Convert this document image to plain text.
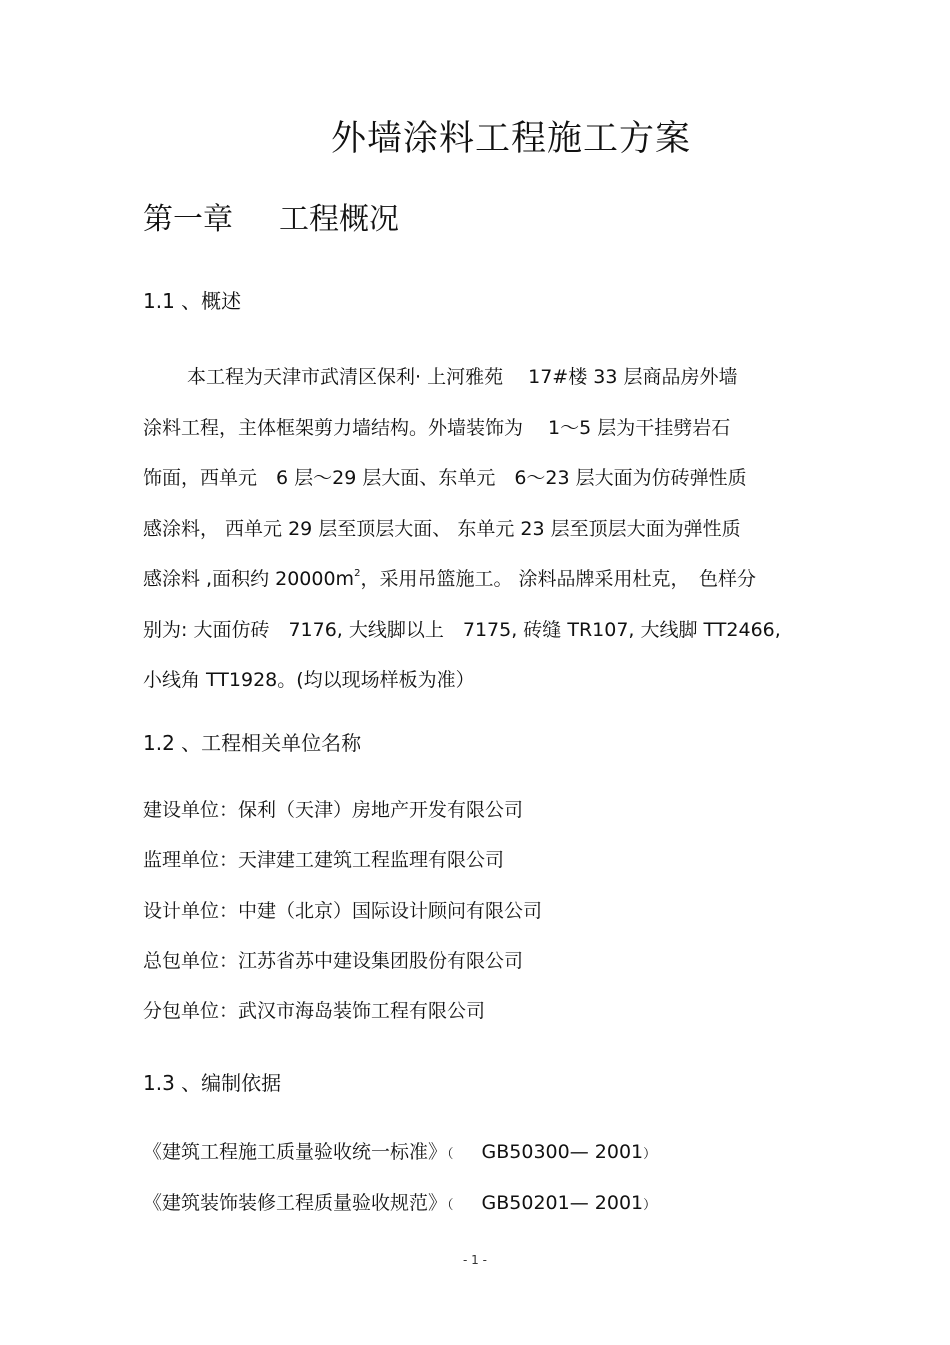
外墙涂料工程施工方案
第一章 工程概况
1.1 、概述
本工程为天津市武清区保利· 上河雅苑　 17#楼 33 层商品房外墙
涂料工程，主体框架剪力墙结构。外墙装饰为　 1～5 层为干挂劈岩石
饰面，西单元　6 层～29 层大面、东单元　6～23 层大面为仿砖弹性质
感涂料， 西单元 29 层至顶层大面、 东单元 23 层至顶层大面为弹性质
感涂料 ,面积约 $20000m^2$，采用吊篮施工。 涂料品牌采用杜克，　色样分
别为: 大面仿砖　7176, 大线脚以上　7175, 砖缝 TR107, 大线脚 TT2466,
小线角 TT1928。(均以现场样板为准）
1.2 、工程相关单位名称
建设单位：保利（天津）房地产开发有限公司
监理单位：天津建工建筑工程监理有限公司
设计单位：中建（北京）国际设计顾问有限公司
总包单位：江苏省苏中建设集团股份有限公司
分包单位：武汉市海岛装饰工程有限公司
1.3 、编制依据
《建筑工程施工质量验收统一标准》（ GB50300— 2001）
《建筑装饰装修工程质量验收规范》（ GB50201— 2001）
- 1 -
